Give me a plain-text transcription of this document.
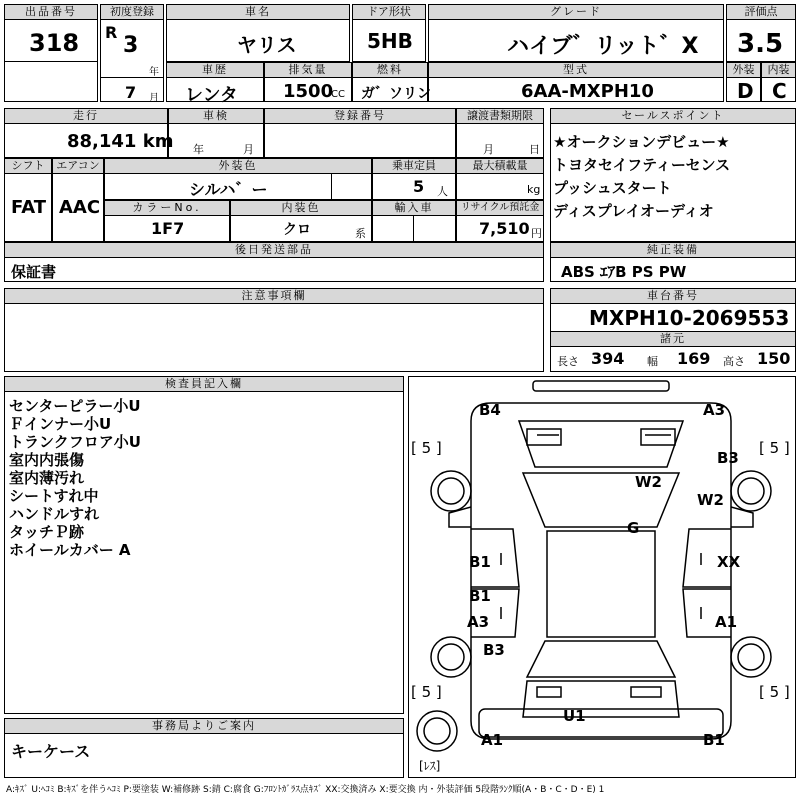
出品番号
318
初度登録
R
3
年
7 月
車名
ヤリス
ドア形状
5HB
グレード
ハイブ゛リット゛X
評価点
3.5
車歴
レンタ
排気量
1500
CC
燃料
ガ゛ソリン
型式
6AA-MXPH10
外装
D
内装
C
走行
88,141 km
車検
年	月
登録番号	譲渡書類期限
月	日
シフト
FAT
エアコン
AAC
外装色
シルハ゛ー
乗車定員
5 人
最大積載量
kg
カラーNo.
1F7
内装色
クロ	系
輸入車	リサイクル預託金
7,510 円
後日発送部品
保証書
セールスポイント
★オークションデビュー★
トヨタセイフティーセンス
プッシュスタート
ディスプレイオーディオ
純正装備
ABS ｴｱB PS PW
注意事項欄	車台番号
MXPH10-2069553
諸元
長さ 394 幅 169 高さ 150
検査員記入欄
センターピラー小U
Ｆインナー小U
トランクフロア小U
室内内張傷
室内薄汚れ
シートすれ中
ハンドルすれ
タッチＰ跡
ホイールカバー A
事務局よりご案内
キーケース
B4	A3
B3
W2
W2
G
B1	XX
B1
A3	A1
B3
U1
A1	B1
[ 5 ]	[ 5 ]
[ 5 ]	[ 5 ]
[ﾚｽ]
A:ｷｽﾞ U:ﾍｺﾐ B:ｷｽﾞを伴うﾍｺﾐ P:要塗装 W:補修跡 S:錆 C:腐食 G:ﾌﾛﾝﾄｶﾞﾗｽ点ｷｽﾞ XX:交換済み X:要交換 内・外装評価 5段階ﾗﾝｸ順(A・B・C・D・E) 1
